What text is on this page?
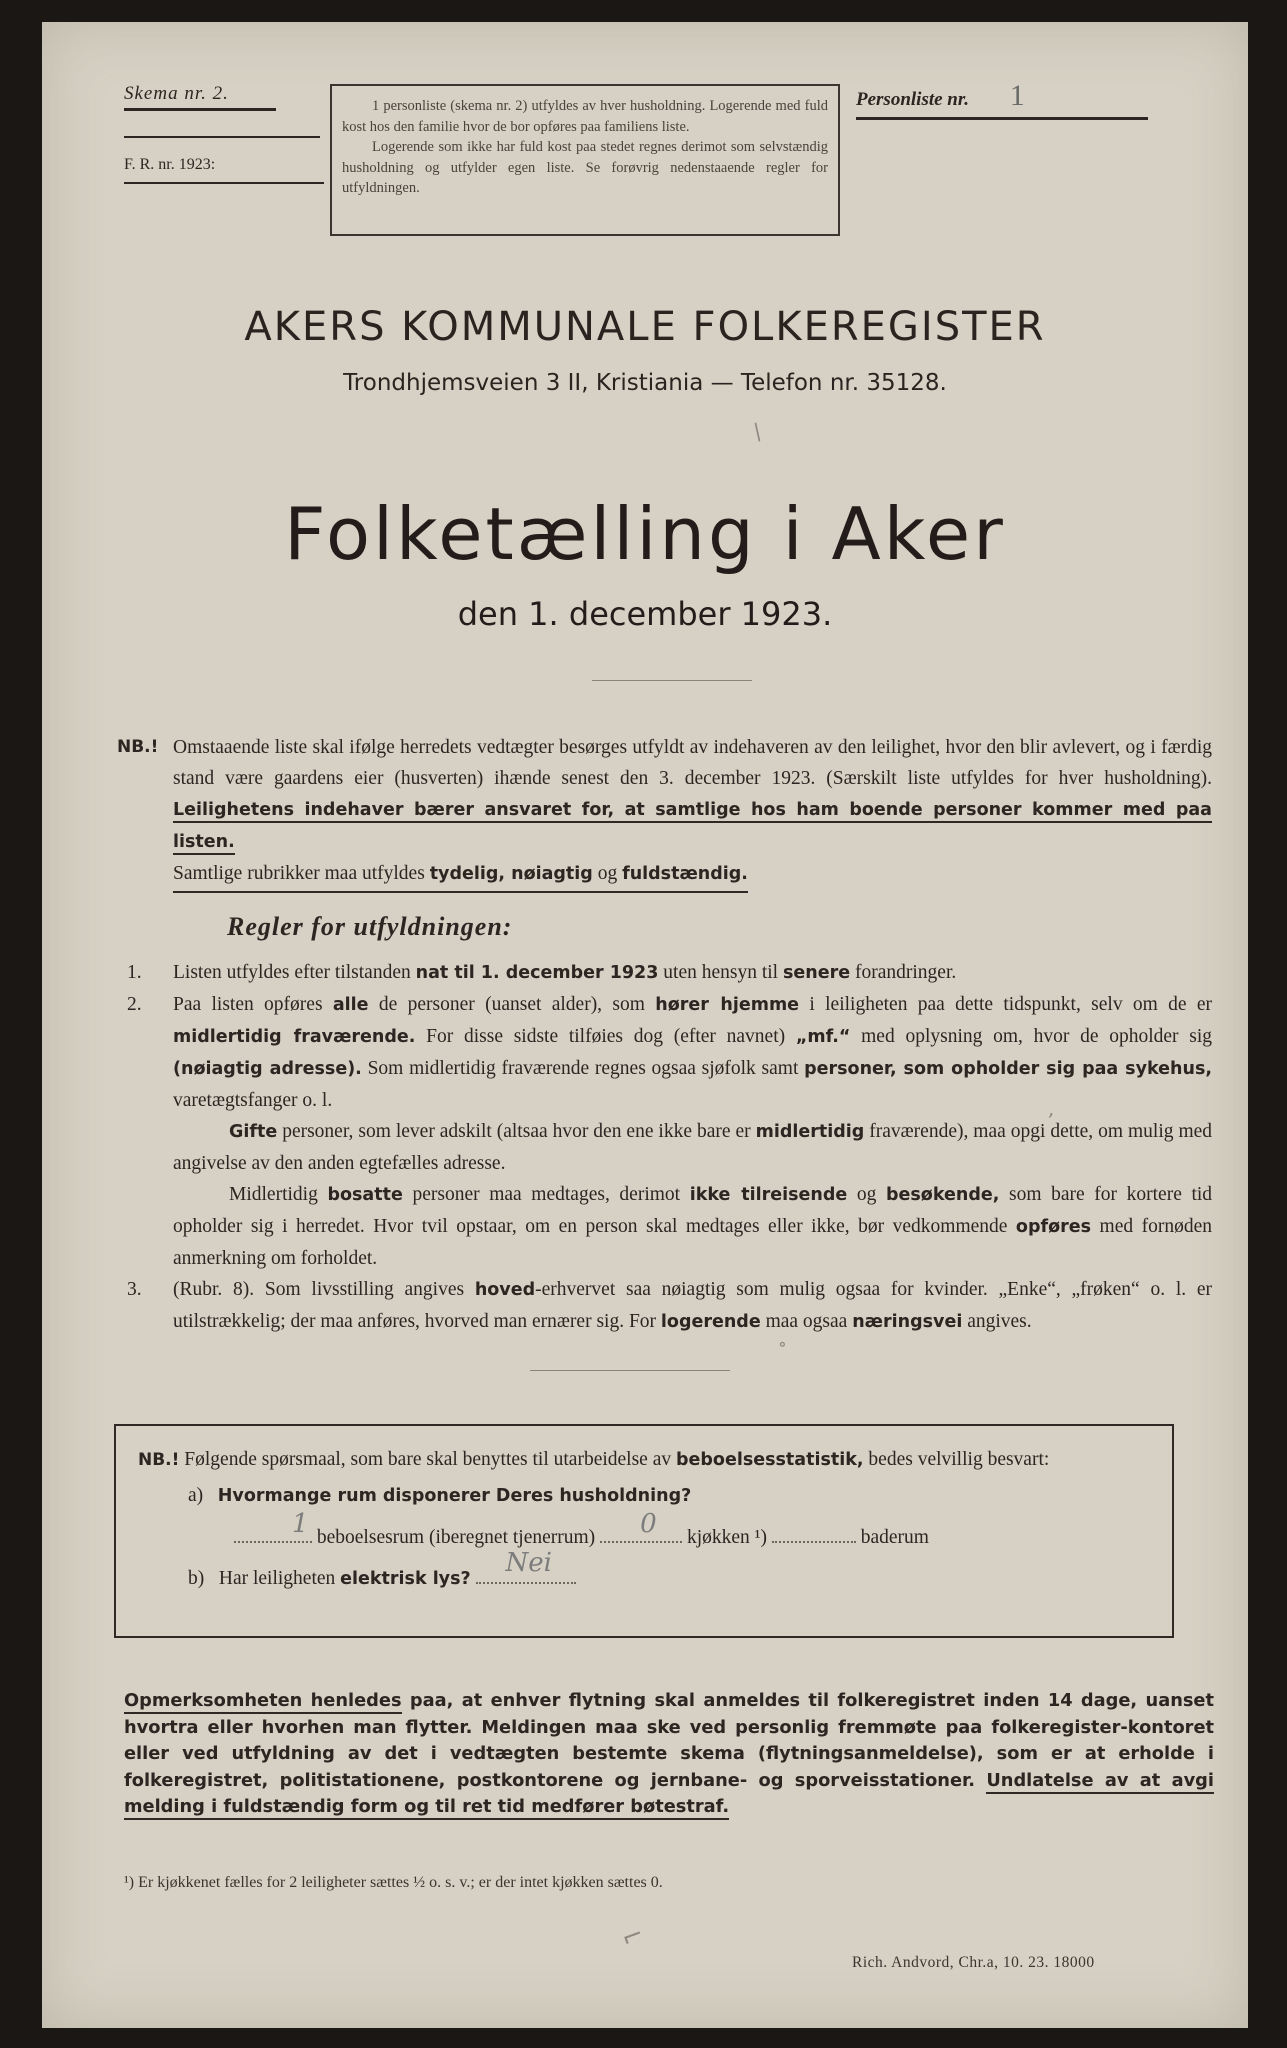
Skema nr. 2.
F. R. nr. 1923:

1 personliste (skema nr. 2) utfyldes av hver husholdning. Logerende med fuld kost hos den familie hvor de bor opføres paa familiens liste.

Logerende som ikke har fuld kost paa stedet regnes derimot som selvstændig husholdning og utfylder egen liste. Se forøvrig nedenstaaende regler for utfyldningen.

Personliste nr. 1
AKERS KOMMUNALE FOLKEREGISTER
Trondhjemsveien 3 II, Kristiania — Telefon nr. 35128.
Folketælling i Aker
den 1. december 1923.
NB.! Omstaaende liste skal ifølge herredets vedtægter besørges utfyldt av indehaveren av den leilighet, hvor den blir avlevert, og i færdig stand være gaardens eier (husverten) ihænde senest den 3. december 1923. (Særskilt liste utfyldes for hver husholdning). Leilighetens indehaver bærer ansvaret for, at samtlige hos ham boende personer kommer med paa listen.
Samtlige rubrikker maa utfyldes tydelig, nøiagtig og fuldstændig.
Regler for utfyldningen:
1. Listen utfyldes efter tilstanden nat til 1. december 1923 uten hensyn til senere forandringer.
2. Paa listen opføres alle de personer (uanset alder), som hører hjemme i leiligheten paa dette tidspunkt, selv om de er midlertidig fraværende. For disse sidste tilføies dog (efter navnet) „mf.“ med oplysning om, hvor de opholder sig (nøiagtig adresse). Som midlertidig fraværende regnes ogsaa sjøfolk samt personer, som opholder sig paa sykehus, varetægtsfanger o. l.
Gifte personer, som lever adskilt (altsaa hvor den ene ikke bare er midlertidig fraværende), maa opgi dette, om mulig med angivelse av den anden egtefælles adresse.
Midlertidig bosatte personer maa medtages, derimot ikke tilreisende og besøkende, som bare for kortere tid opholder sig i herredet. Hvor tvil opstaar, om en person skal medtages eller ikke, bør vedkommende opføres med fornøden anmerkning om forholdet.
3. (Rubr. 8). Som livsstilling angives hoved-erhvervet saa nøiagtig som mulig ogsaa for kvinder. „Enke“, „frøken“ o. l. er utilstrækkelig; der maa anføres, hvorved man ernærer sig. For logerende maa ogsaa næringsvei angives.
NB.! Følgende spørsmaal, som bare skal benyttes til utarbeidelse av beboelsesstatistik, bedes velvillig besvart:
a) Hvormange rum disponerer Deres husholdning?
1 beboelsesrum (iberegnet tjenerrum) 0 kjøkken ¹)	baderum
b) Har leiligheten elektrisk lys?
Nei
Opmerksomheten henledes paa, at enhver flytning skal anmeldes til folkeregistret inden 14 dage, uanset hvortra eller hvorhen man flytter. Meldingen maa ske ved personlig fremmøte paa folkeregister-kontoret eller ved utfyldning av det i vedtægten bestemte skema (flytningsanmeldelse), som er at erholde i folkeregistret, politistationene, postkontorene og jernbane- og sporveisstationer. Undlatelse av at avgi melding i fuldstændig form og til ret tid medfører bøtestraf.
¹) Er kjøkkenet fælles for 2 leiligheter sættes ½ o. s. v.; er der intet kjøkken sættes 0.
Rich. Andvord, Chr.a, 10. 23. 18000
/
,
∘
⌐
